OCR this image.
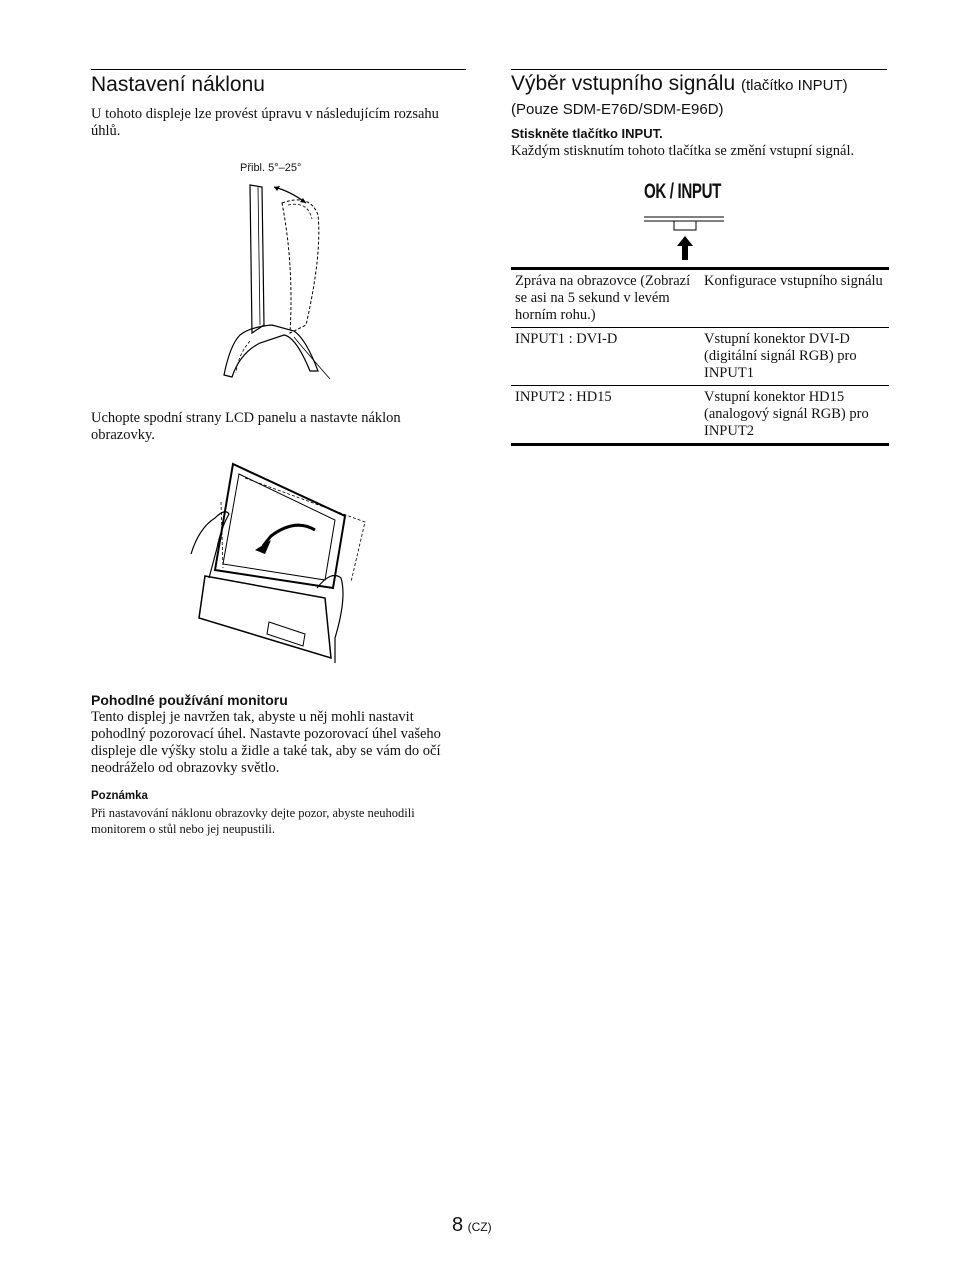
Nastavení náklonu
U tohoto displeje lze provést úpravu v následujícím rozsahu úhlů.
Přibl. 5°–25°
Uchopte spodní strany LCD panelu a nastavte náklon obrazovky.
Pohodlné používání monitoru
Tento displej je navržen tak, abyste u něj mohli nastavit pohodlný pozorovací úhel. Nastavte pozorovací úhel vašeho displeje dle výšky stolu a židle a také tak, aby se vám do očí neodráželo od obrazovky světlo.
Poznámka
Při nastavování náklonu obrazovky dejte pozor, abyste neuhodili monitorem o stůl nebo jej neupustili.
Výběr vstupního signálu (tlačítko INPUT)
(Pouze SDM-E76D/SDM-E96D)
Stiskněte tlačítko INPUT.
Každým stisknutím tohoto tlačítka se změní vstupní signál.
OK / INPUT
Zpráva na obrazovce (Zobrazí se asi na 5 sekund v levém horním rohu.)	Konfigurace vstupního signálu
INPUT1 : DVI-D	Vstupní konektor DVI-D (digitální signál RGB) pro INPUT1
INPUT2 : HD15	Vstupní konektor HD15 (analogový signál RGB) pro INPUT2
8 (CZ)
